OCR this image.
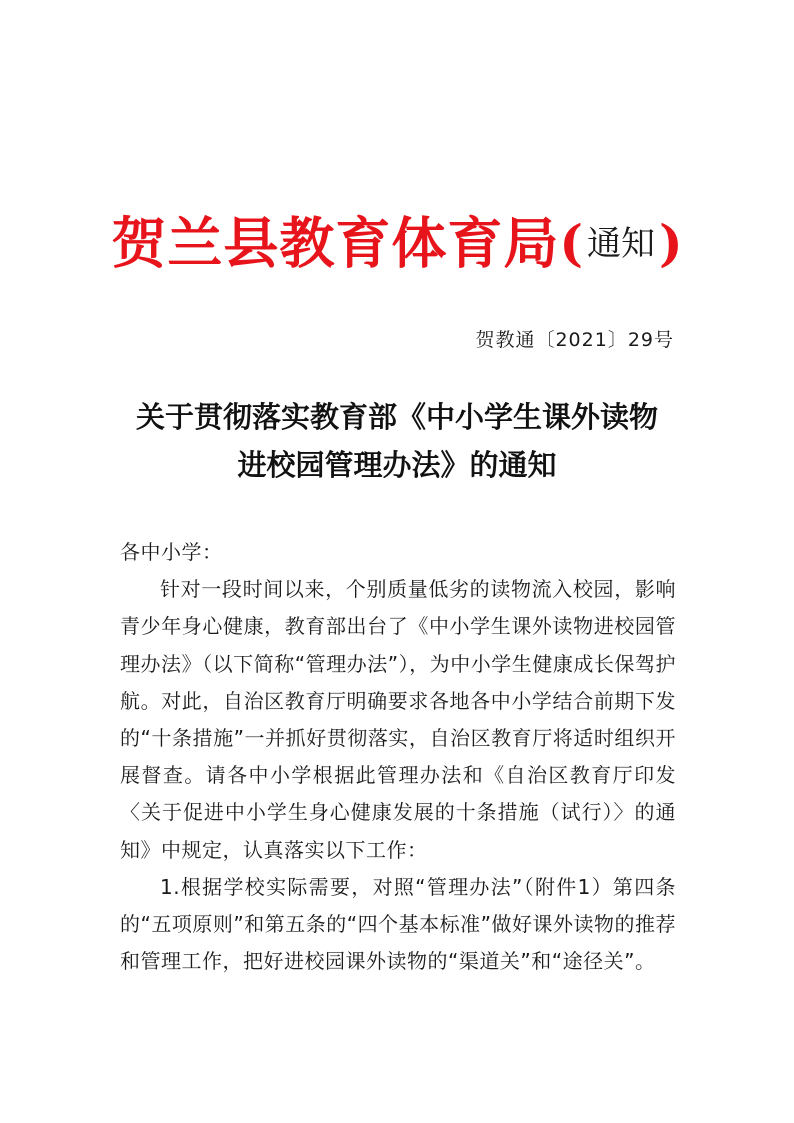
贺兰县教育体育局( 通知)
贺教通〔2021〕29号
关于贯彻落实教育部《中小学生课外读物
进校园管理办法》的通知

各中小学：

针对一段时间以来，个别质量低劣的读物流入校园，影响青少年身心健康，教育部出台了《中小学生课外读物进校园管理办法》（以下简称“管理办法”），为中小学生健康成长保驾护航。对此，自治区教育厅明确要求各地各中小学结合前期下发的“十条措施”一并抓好贯彻落实，自治区教育厅将适时组织开展督查。请各中小学根据此管理办法和《自治区教育厅印发〈关于促进中小学生身心健康发展的十条措施（试行）〉的通知》中规定，认真落实以下工作：

1.根据学校实际需要，对照“管理办法”（附件1）第四条的“五项原则”和第五条的“四个基本标准”做好课外读物的推荐和管理工作，把好进校园课外读物的“渠道关”和“途径关”。
